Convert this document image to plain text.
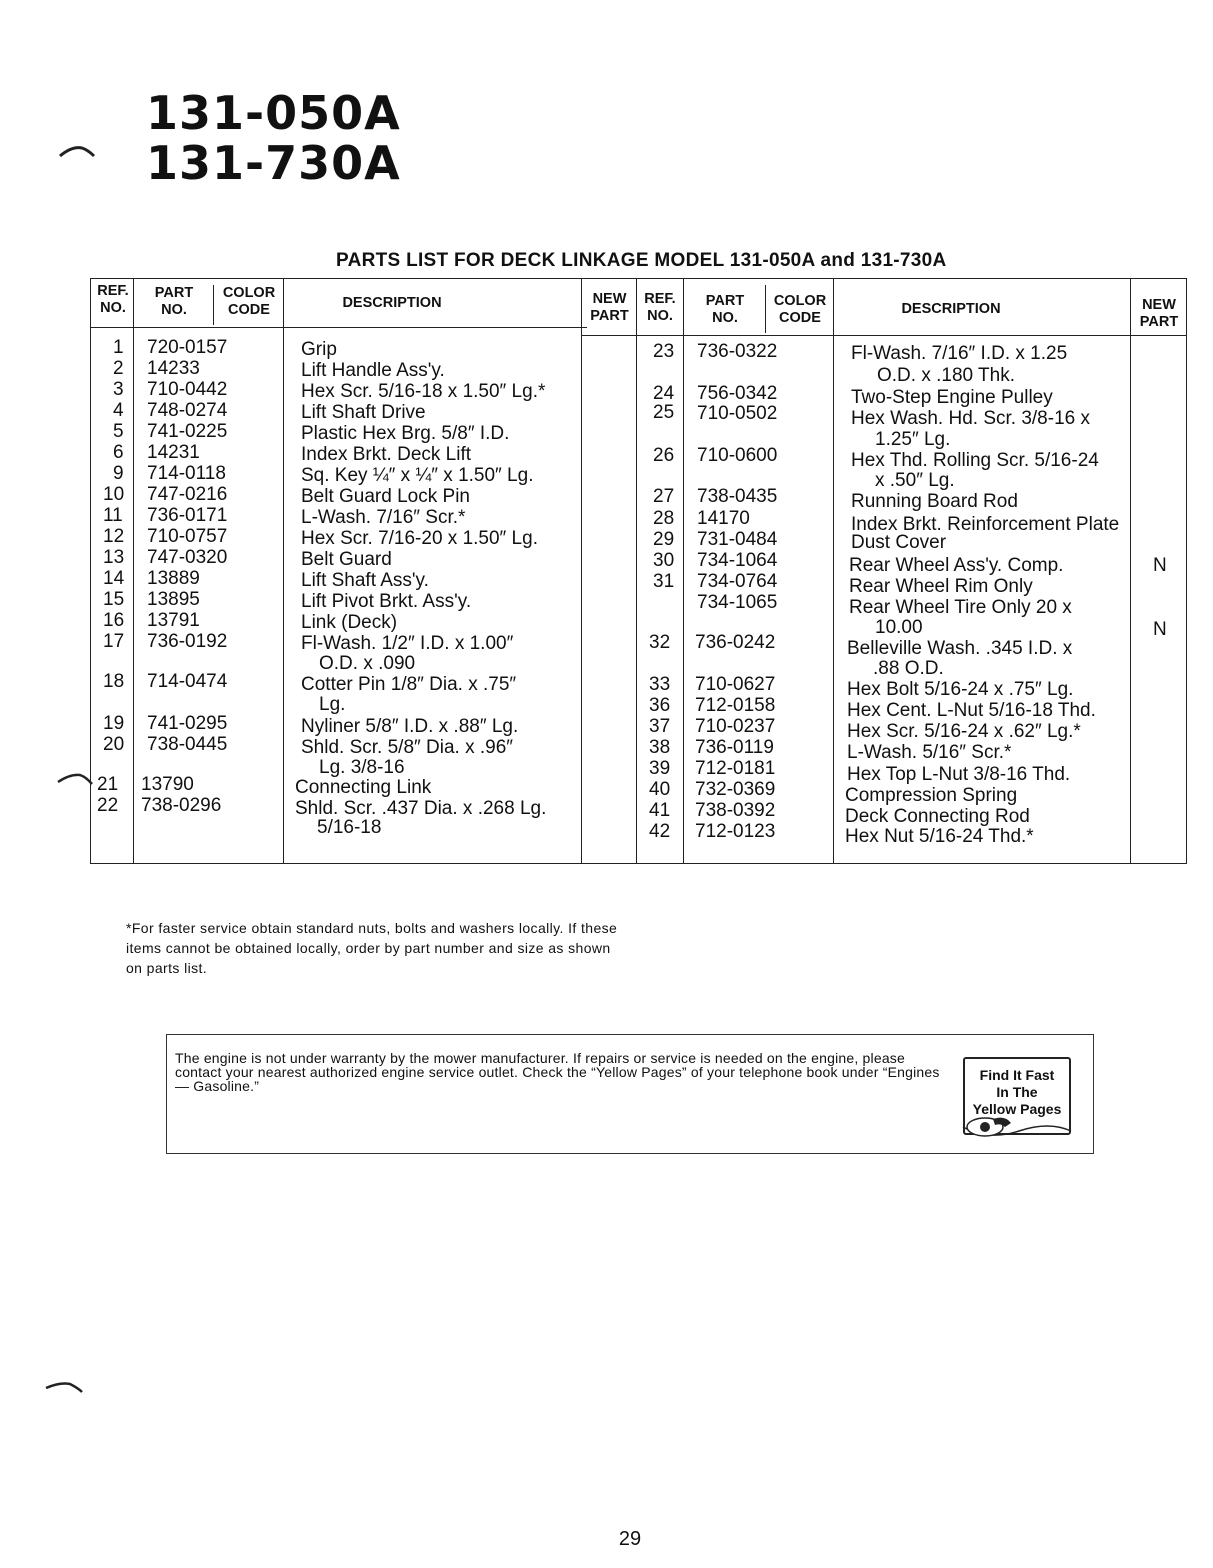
131-050A
131-730A
PARTS LIST FOR DECK LINKAGE MODEL 131-050A and 131-730A
REF.
NO.
PART
NO.
COLOR
CODE	DESCRIPTION	NEW
PART
REF.
NO.
PART
NO.
COLOR
CODE
DESCRIPTION	NEW
PART
1 720-0157	Grip
2 14233	Lift Handle Ass'y.
3 710-0442	Hex Scr. 5/16-18 x 1.50″ Lg.*
4 748-0274	Lift Shaft Drive
5 741-0225	Plastic Hex Brg. 5/8″ I.D.
6 14231	Index Brkt. Deck Lift
9 714-0118	Sq. Key ¼″ x ¼″ x 1.50″ Lg.
10 747-0216	Belt Guard Lock Pin
11 736-0171	L-Wash. 7/16″ Scr.*
12 710-0757	Hex Scr. 7/16-20 x 1.50″ Lg.
13 747-0320	Belt Guard
14 13889	Lift Shaft Ass'y.
15 13895	Lift Pivot Brkt. Ass'y.
16 13791	Link (Deck)
17 736-0192	Fl-Wash. 1/2″ I.D. x 1.00″
O.D. x .090
18 714-0474	Cotter Pin 1/8″ Dia. x .75″
Lg.
19 741-0295	Nyliner 5/8″ I.D. x .88″ Lg.
20 738-0445	Shld. Scr. 5/8″ Dia. x .96″
Lg. 3/8-16
21 13790	Connecting Link
22 738-0296	Shld. Scr. .437 Dia. x .268 Lg.
5/16-18
23 736-0322	Fl-Wash. 7/16″ I.D. x 1.25
O.D. x .180 Thk.
24 756-0342	Two-Step Engine Pulley
25 710-0502	Hex Wash. Hd. Scr. 3/8-16 x
1.25″ Lg.
26 710-0600	Hex Thd. Rolling Scr. 5/16-24
x .50″ Lg.
27 738-0435	Running Board Rod
28 14170	Index Brkt. Reinforcement Plate
29 731-0484	Dust Cover
30 734-1064	Rear Wheel Ass'y. Comp.	N
31 734-0764	Rear Wheel Rim Only
734-1065	Rear Wheel Tire Only 20 x
10.00	N
32 736-0242	Belleville Wash. .345 I.D. x
.88 O.D.
33 710-0627	Hex Bolt 5/16-24 x .75″ Lg.
36 712-0158	Hex Cent. L-Nut 5/16-18 Thd.
37 710-0237	Hex Scr. 5/16-24 x .62″ Lg.*
38 736-0119	L-Wash. 5/16″ Scr.*
39 712-0181	Hex Top L-Nut 3/8-16 Thd.
40 732-0369	Compression Spring
41 738-0392	Deck Connecting Rod
42 712-0123	Hex Nut 5/16-24 Thd.*
*For faster service obtain standard nuts, bolts and washers locally. If these items cannot be obtained locally, order by part number and size as shown on parts list.
The engine is not under warranty by the mower manufacturer. If repairs or service is needed on the engine, please contact your nearest authorized engine service outlet. Check the “Yellow Pages” of your telephone book under “Engines — Gasoline.”
Find It Fast
In The
Yellow Pages
29
